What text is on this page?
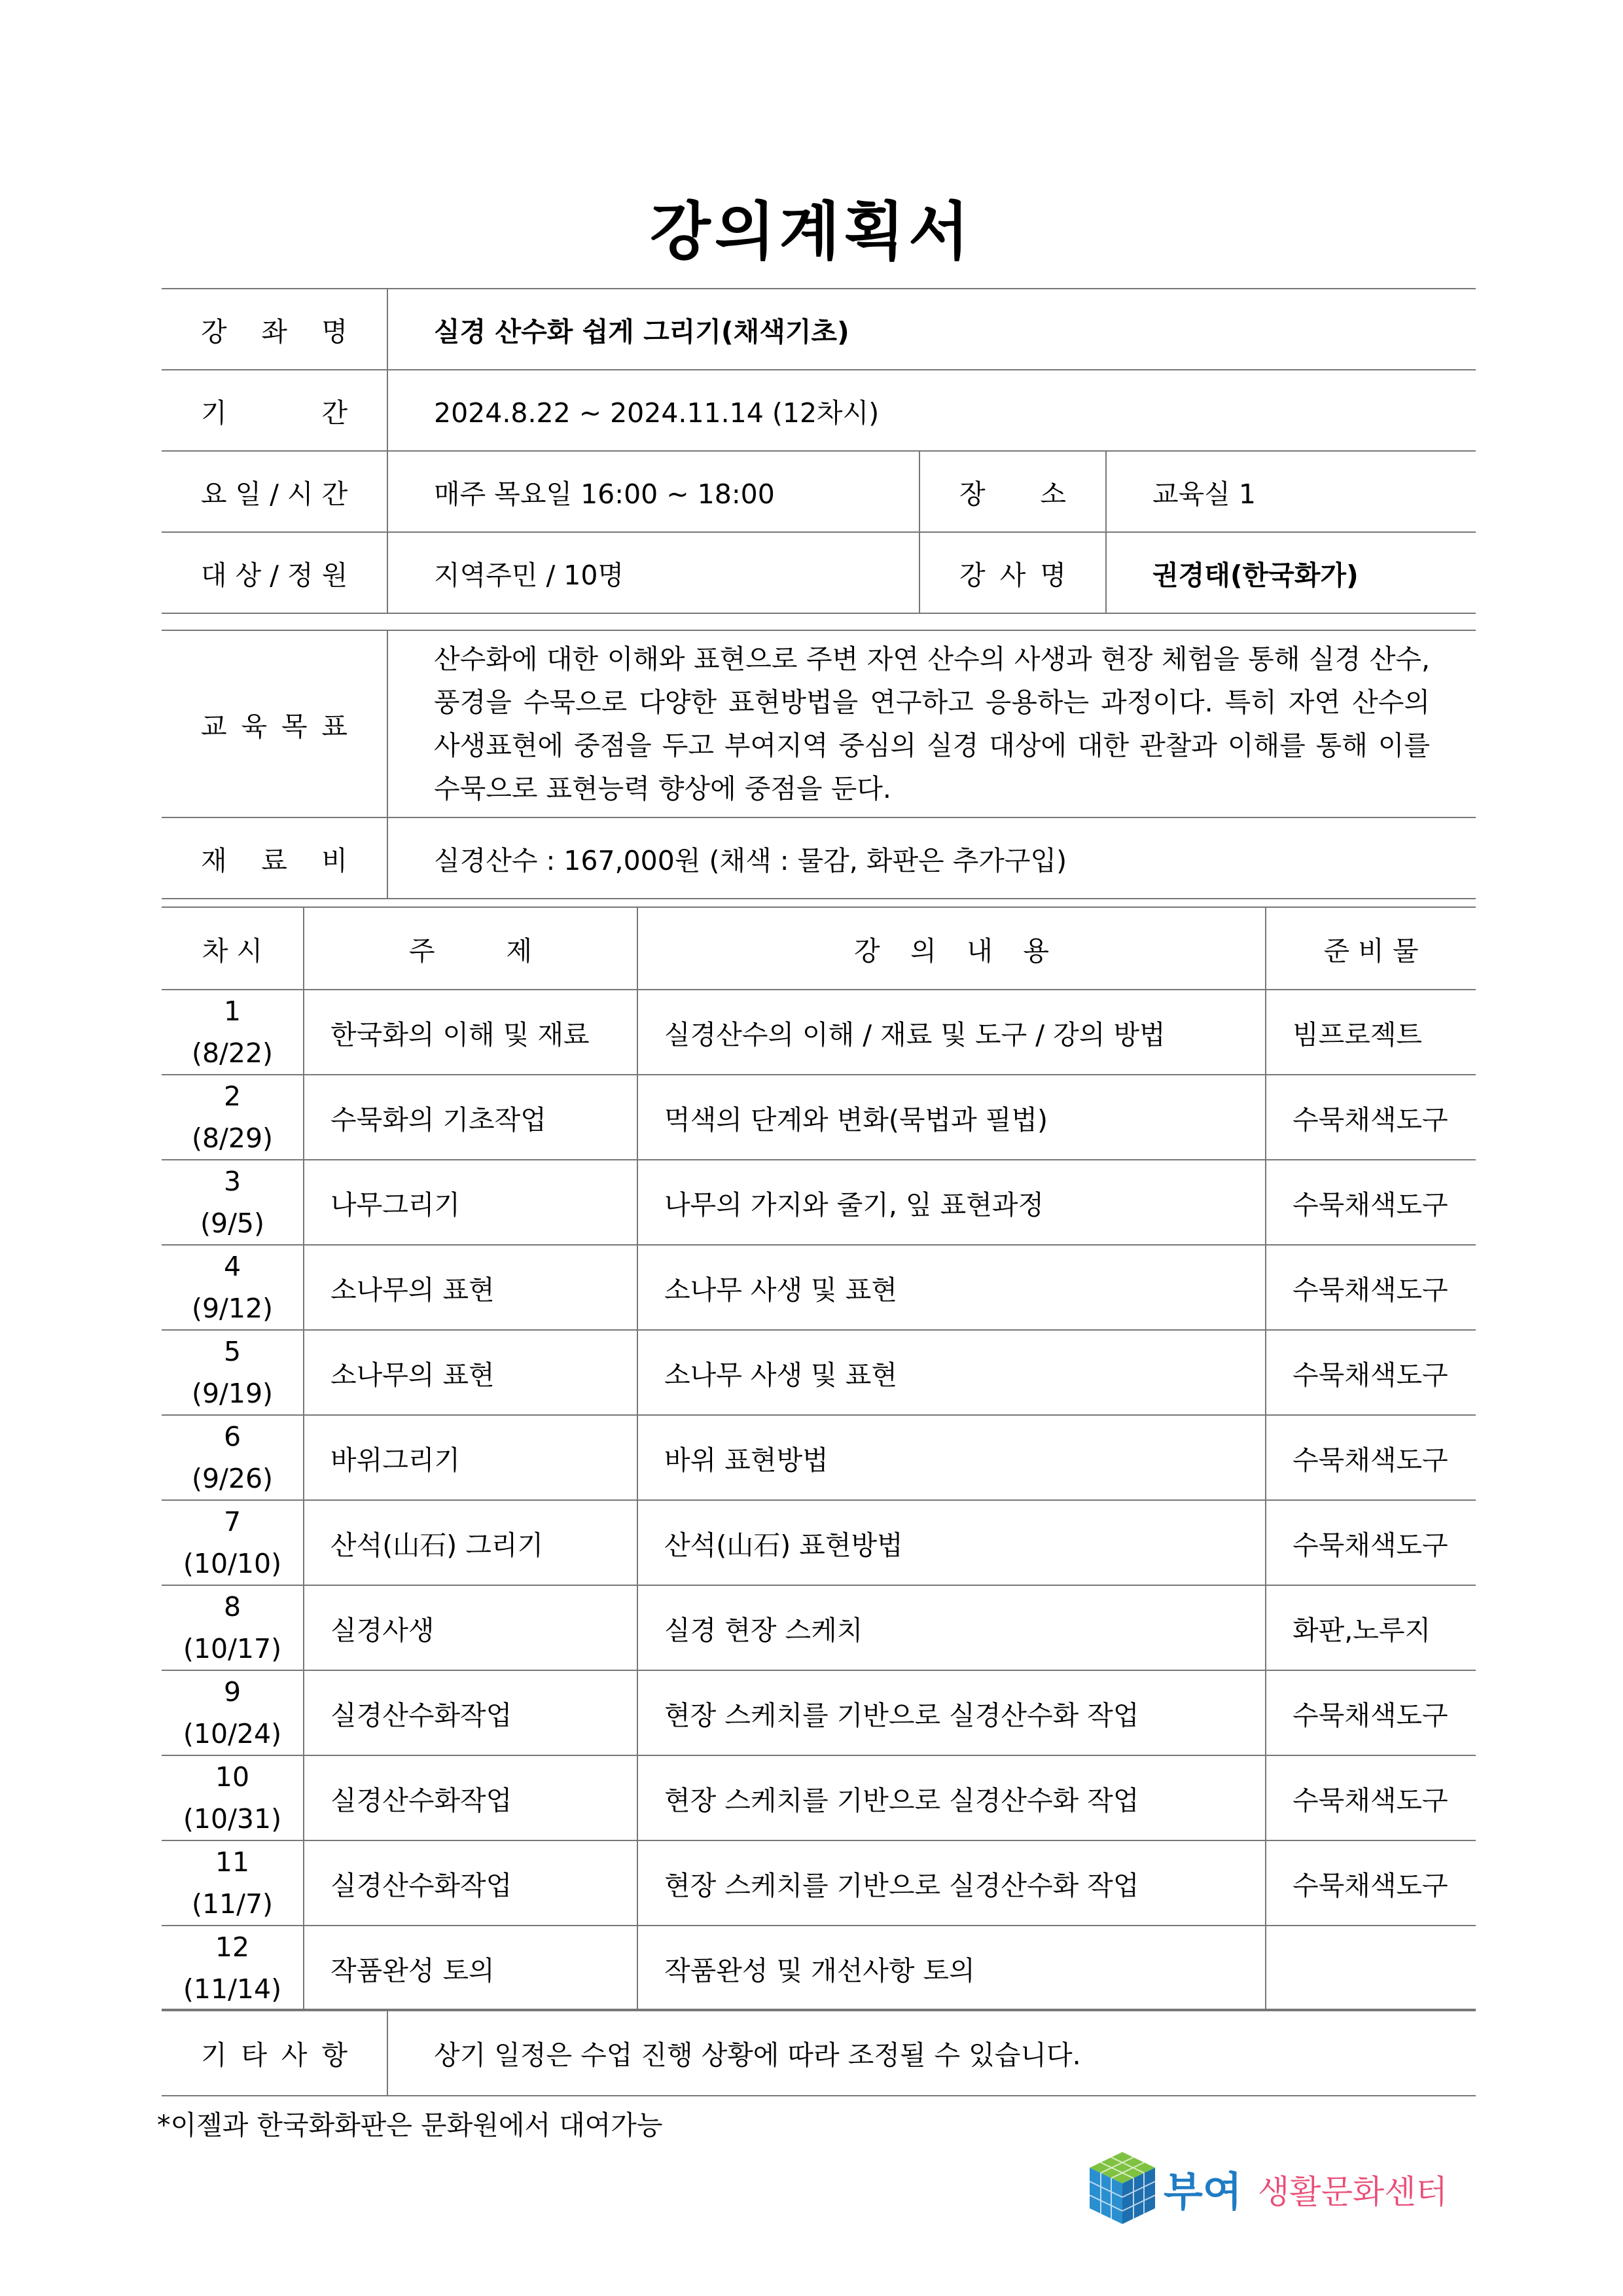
강의계획서
강 좌 명	실경 산수화 쉽게 그리기(채색기초)		

기 간	2024.8.22 ~ 2024.11.14 (12차시)		
요 일 / 시 간	매주 목요일 16:00 ~ 18:00	장 소	교육실 1
대 상 / 정 원	지역주민 / 10명	강 사 명	권경태(한국화가)
교 육 목 표	산수화에 대한 이해와 표현으로 주변 자연 산수의 사생과 현장 체험을 통해 실경 산수, 풍경을 수묵으로 다양한 표현방법을 연구하고 응용하는 과정이다. 특히 자연 산수의 사생표현에 중점을 두고 부여지역 중심의 실경 대상에 대한 관찰과 이해를 통해 이를 수묵으로 표현능력 향상에 중점을 둔다.

재 료 비	실경산수 : 167,000원 (채색 : 물감, 화판은 추가구입)
차 시	주 제	강 의 내 용	준 비 물

1
(8/22)	한국화의 이해 및 재료	실경산수의 이해 / 재료 및 도구 / 강의 방법	빔프로젝트

2
(8/29)	수묵화의 기초작업	먹색의 단계와 변화(묵법과 필법)	수묵채색도구

3
(9/5)	나무그리기	나무의 가지와 줄기, 잎 표현과정	수묵채색도구

4
(9/12)	소나무의 표현	소나무 사생 및 표현	수묵채색도구

5
(9/19)	소나무의 표현	소나무 사생 및 표현	수묵채색도구

6
(9/26)	바위그리기	바위 표현방법	수묵채색도구

7
(10/10)	산석(山石) 그리기	산석(山石) 표현방법	수묵채색도구

8
(10/17)	실경사생	실경 현장 스케치	화판,노루지

9
(10/24)	실경산수화작업	현장 스케치를 기반으로 실경산수화 작업	수묵채색도구

10
(10/31)	실경산수화작업	현장 스케치를 기반으로 실경산수화 작업	수묵채색도구

11
(11/7)	실경산수화작업	현장 스케치를 기반으로 실경산수화 작업	수묵채색도구

12
(11/14)	작품완성 토의	작품완성 및 개선사항 토의	
기 타 사 항	상기 일정은 수업 진행 상황에 따라 조정될 수 있습니다.
*이젤과 한국화화판은 문화원에서 대여가능
부여 생활문화센터
